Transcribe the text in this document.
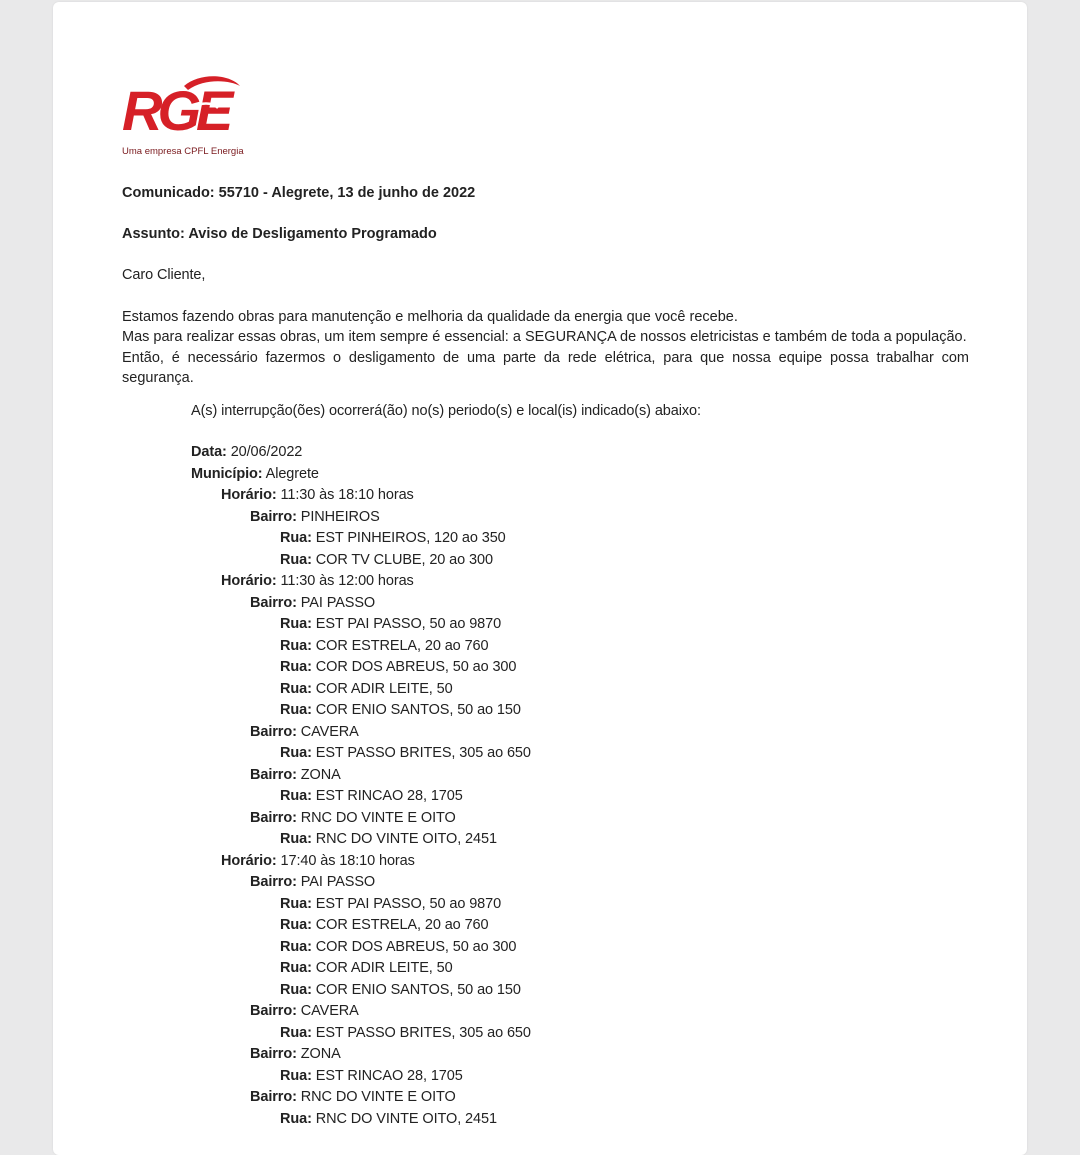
RGE
Uma empresa CPFL Energia
Comunicado: 55710 - Alegrete, 13 de junho de 2022
Assunto: Aviso de Desligamento Programado
Caro Cliente,
Estamos fazendo obras para manutenção e melhoria da qualidade da energia que você recebe.
Mas para realizar essas obras, um item sempre é essencial: a SEGURANÇA de nossos eletricistas e também de toda a população.
Então, é necessário fazermos o desligamento de uma parte da rede elétrica, para que nossa equipe possa trabalhar com segurança.
A(s) interrupção(ões) ocorrerá(ão) no(s) periodo(s) e local(is) indicado(s) abaixo:
Data: 20/06/2022
Município: Alegrete
Horário: 11:30 às 18:10 horas
Bairro: PINHEIROS
Rua: EST PINHEIROS, 120 ao 350
Rua: COR TV CLUBE, 20 ao 300
Horário: 11:30 às 12:00 horas
Bairro: PAI PASSO
Rua: EST PAI PASSO, 50 ao 9870
Rua: COR ESTRELA, 20 ao 760
Rua: COR DOS ABREUS, 50 ao 300
Rua: COR ADIR LEITE, 50
Rua: COR ENIO SANTOS, 50 ao 150
Bairro: CAVERA
Rua: EST PASSO BRITES, 305 ao 650
Bairro: ZONA
Rua: EST RINCAO 28, 1705
Bairro: RNC DO VINTE E OITO
Rua: RNC DO VINTE OITO, 2451
Horário: 17:40 às 18:10 horas
Bairro: PAI PASSO
Rua: EST PAI PASSO, 50 ao 9870
Rua: COR ESTRELA, 20 ao 760
Rua: COR DOS ABREUS, 50 ao 300
Rua: COR ADIR LEITE, 50
Rua: COR ENIO SANTOS, 50 ao 150
Bairro: CAVERA
Rua: EST PASSO BRITES, 305 ao 650
Bairro: ZONA
Rua: EST RINCAO 28, 1705
Bairro: RNC DO VINTE E OITO
Rua: RNC DO VINTE OITO, 2451
